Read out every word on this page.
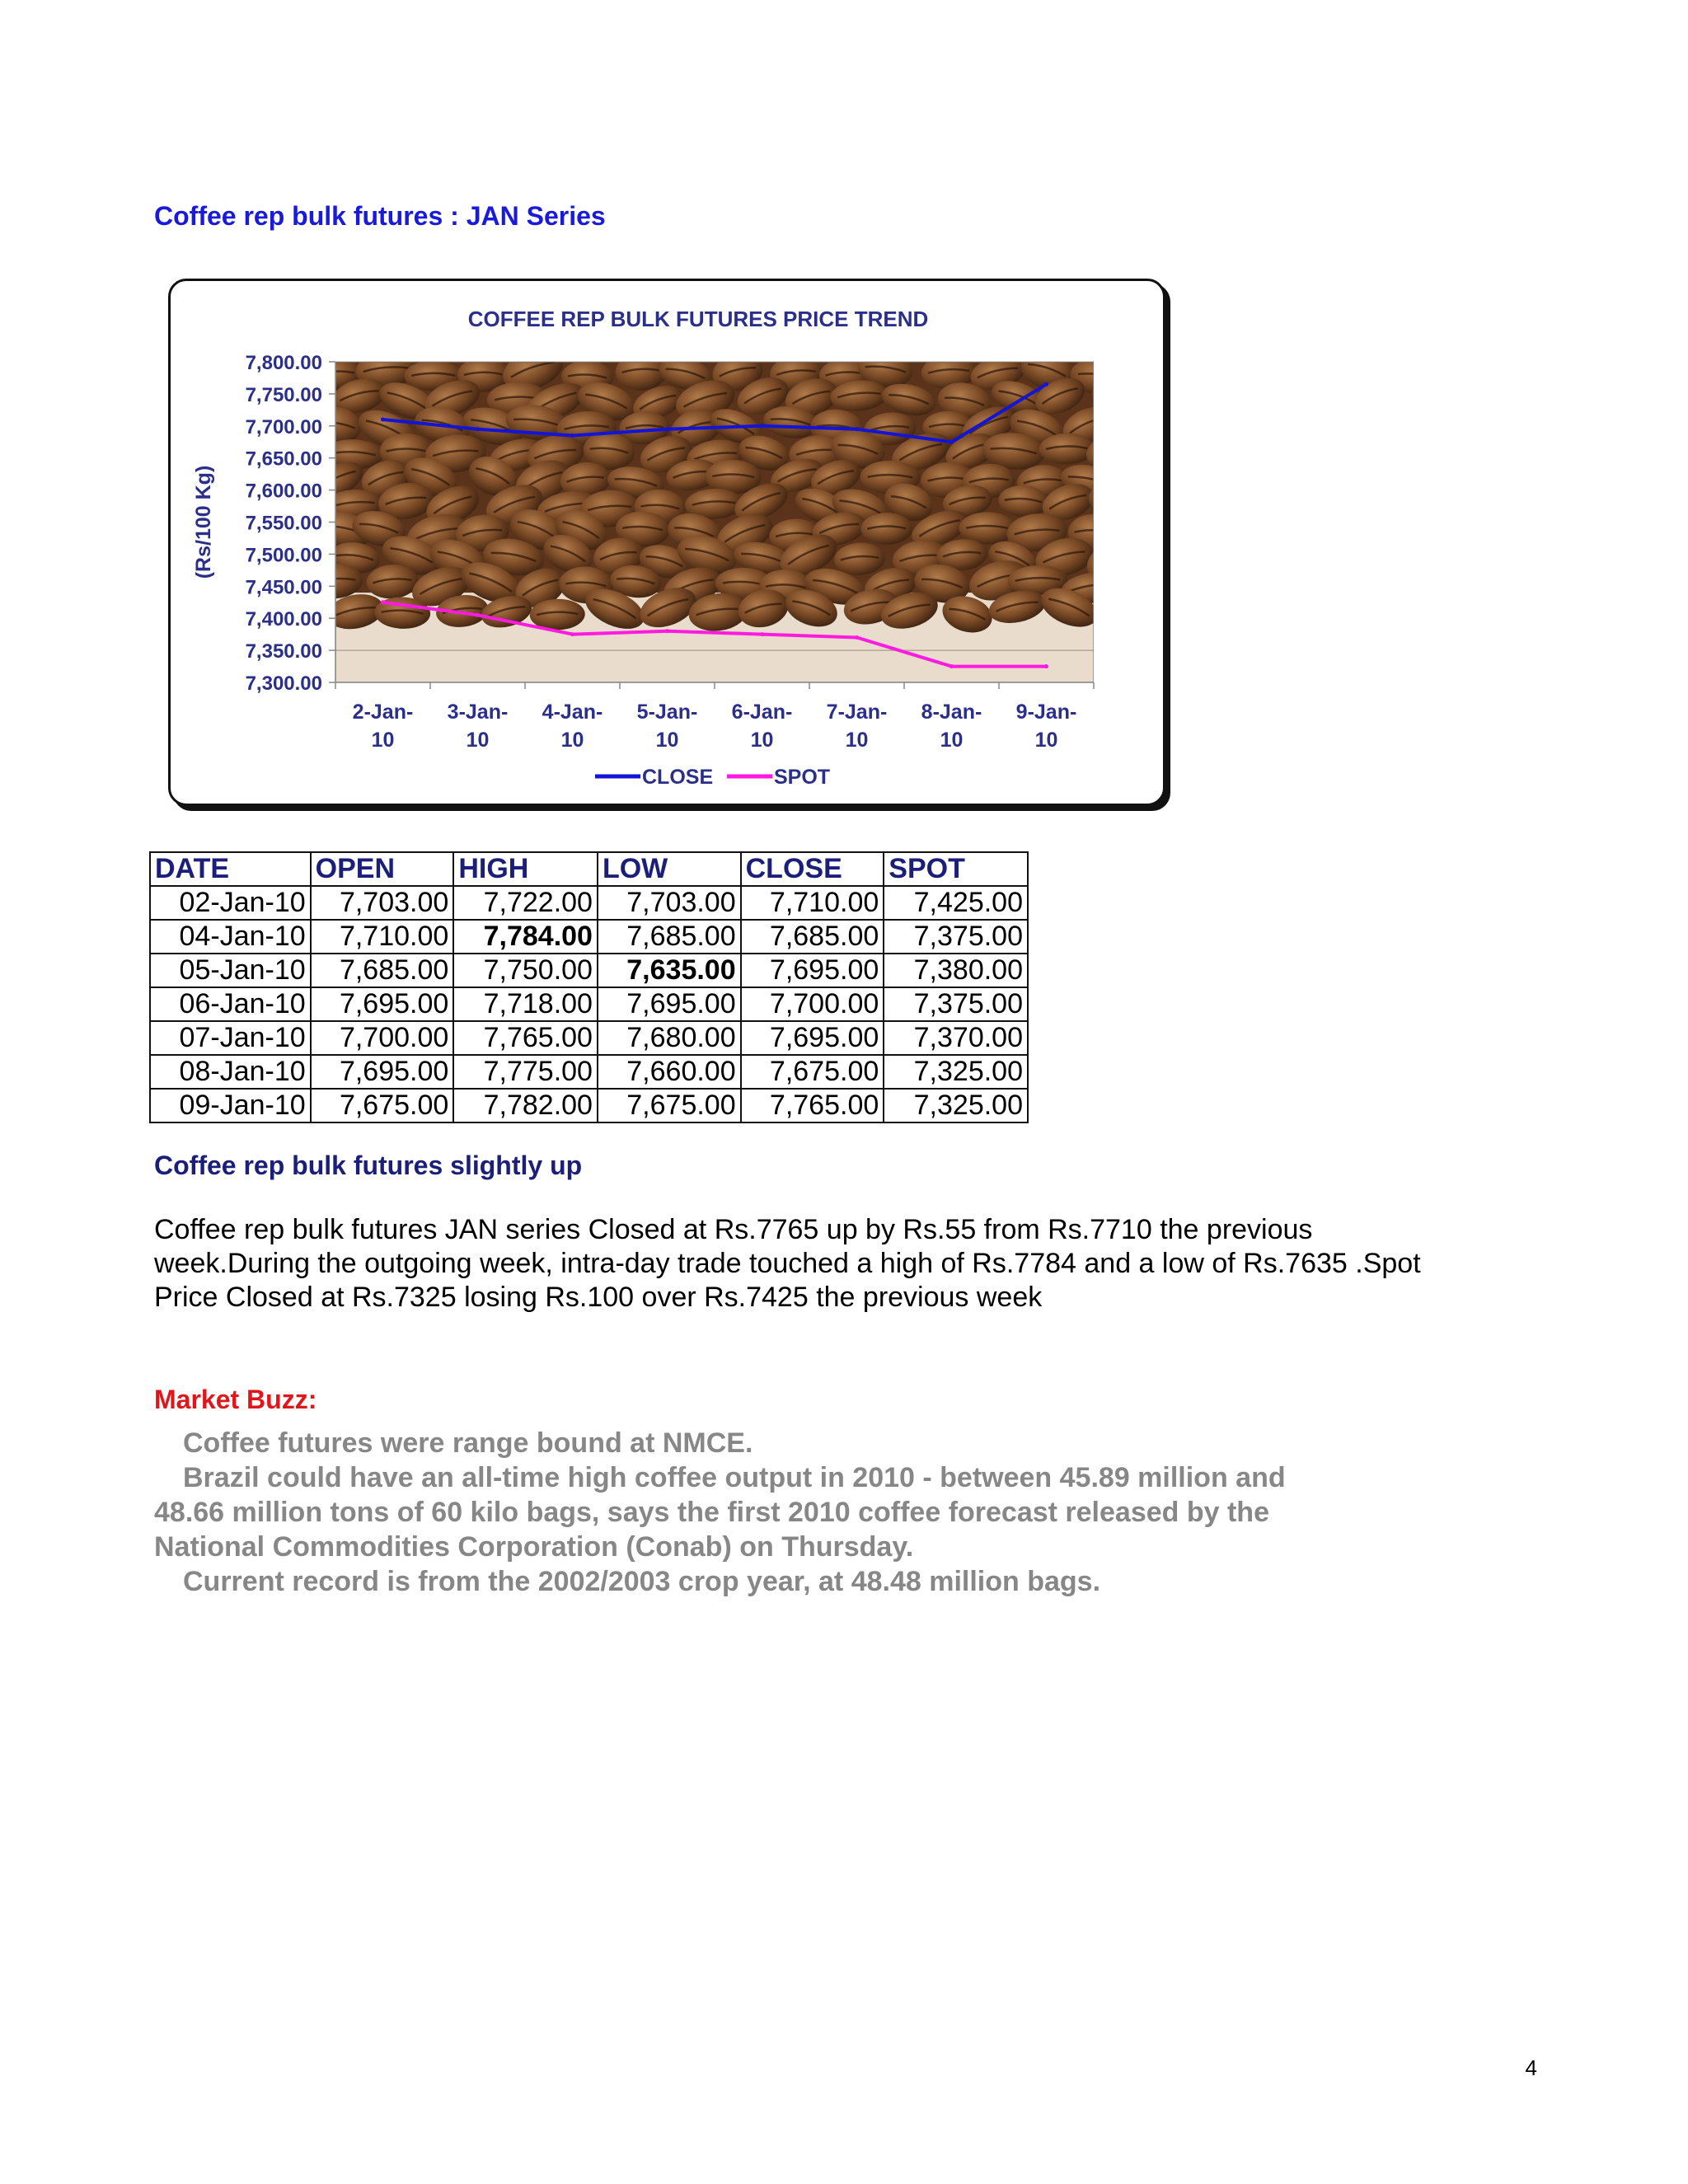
Coffee rep bulk futures : JAN Series
COFFEE REP BULK FUTURES PRICE TREND
7,800.00
7,750.00
7,700.00
7,650.00
7,600.00
7,550.00
7,500.00
7,450.00
7,400.00
7,350.00
7,300.00
(Rs/100 Kg)
2-Jan-10
3-Jan-10
4-Jan-10
5-Jan-10
6-Jan-10
7-Jan-10
8-Jan-10
9-Jan-10
CLOSE	SPOT
DATE	OPEN	HIGH	LOW	CLOSE	SPOT
02-Jan-10	7,703.00	7,722.00	7,703.00	7,710.00	7,425.00
04-Jan-10	7,710.00	7,784.00	7,685.00	7,685.00	7,375.00
05-Jan-10	7,685.00	7,750.00	7,635.00	7,695.00	7,380.00
06-Jan-10	7,695.00	7,718.00	7,695.00	7,700.00	7,375.00
07-Jan-10	7,700.00	7,765.00	7,680.00	7,695.00	7,370.00
08-Jan-10	7,695.00	7,775.00	7,660.00	7,675.00	7,325.00
09-Jan-10	7,675.00	7,782.00	7,675.00	7,765.00	7,325.00
Coffee rep bulk futures slightly up
Coffee rep bulk futures JAN series Closed at Rs.7765 up by Rs.55 from Rs.7710 the previous
week.During the outgoing week, intra-day trade touched a high of Rs.7784 and a low of Rs.7635 .Spot
Price Closed at Rs.7325 losing Rs.100 over Rs.7425 the previous week
Market Buzz:
Coffee futures were range bound at NMCE.
Brazil could have an all-time high coffee output in 2010 - between 45.89 million and 48.66 million tons of 60 kilo bags, says the first 2010 coffee forecast released by the National Commodities Corporation (Conab) on Thursday.
Current record is from the 2002/2003 crop year, at 48.48 million bags.
4
